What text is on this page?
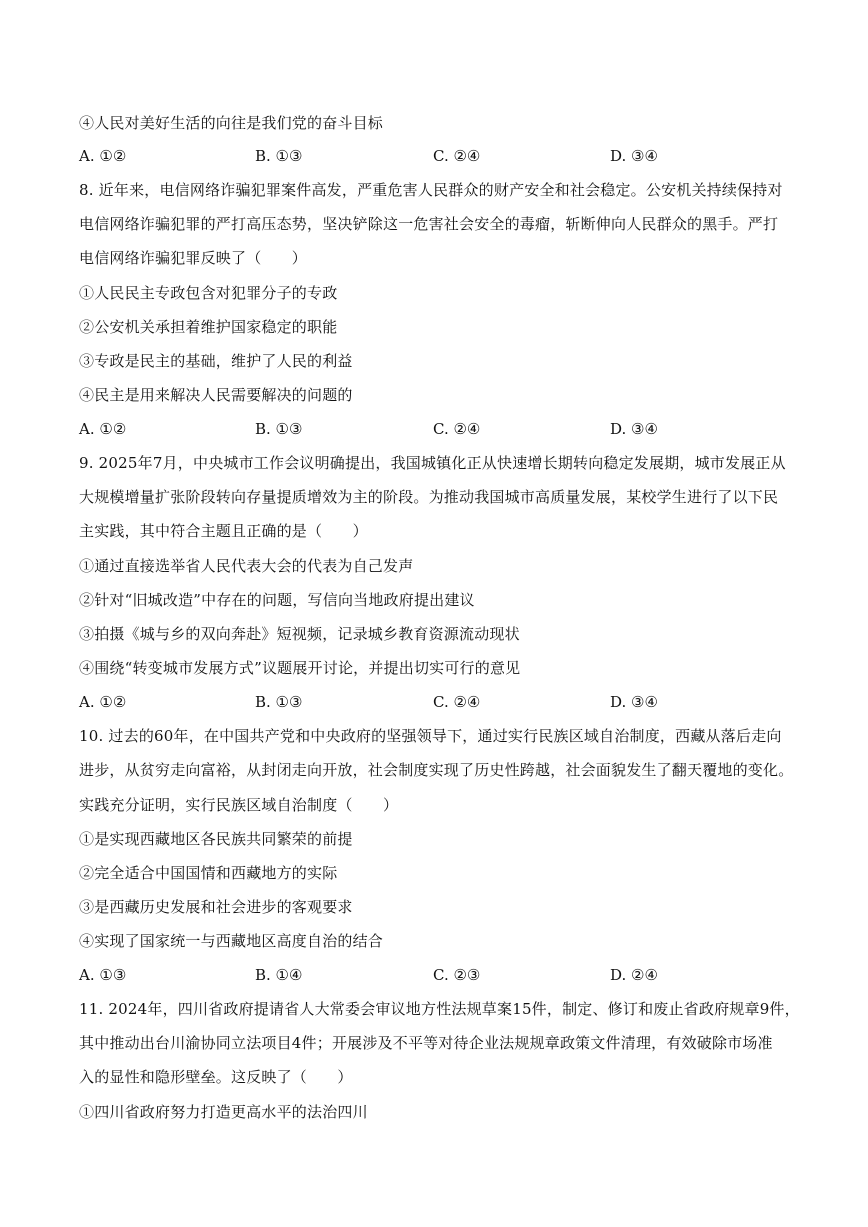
④人民对美好生活的向往是我们党的奋斗目标
A. ①②	B. ①③	C. ②④	D. ③④
8. 近年来，电信网络诈骗犯罪案件高发，严重危害人民群众的财产安全和社会稳定。公安机关持续保持对
电信网络诈骗犯罪的严打高压态势，坚决铲除这一危害社会安全的毒瘤，斩断伸向人民群众的黑手。严打
电信网络诈骗犯罪反映了（　　）
①人民民主专政包含对犯罪分子的专政
②公安机关承担着维护国家稳定的职能
③专政是民主的基础，维护了人民的利益
④民主是用来解决人民需要解决的问题的
A. ①②	B. ①③	C. ②④	D. ③④
9. 2025年7月，中央城市工作会议明确提出，我国城镇化正从快速增长期转向稳定发展期，城市发展正从
大规模增量扩张阶段转向存量提质增效为主的阶段。为推动我国城市高质量发展，某校学生进行了以下民
主实践，其中符合主题且正确的是（　　）
①通过直接选举省人民代表大会的代表为自己发声
②针对“旧城改造”中存在的问题，写信向当地政府提出建议
③拍摄《城与乡的双向奔赴》短视频，记录城乡教育资源流动现状
④围绕“转变城市发展方式”议题展开讨论，并提出切实可行的意见
A. ①②	B. ①③	C. ②④	D. ③④
10. 过去的60年，在中国共产党和中央政府的坚强领导下，通过实行民族区域自治制度，西藏从落后走向
进步，从贫穷走向富裕，从封闭走向开放，社会制度实现了历史性跨越，社会面貌发生了翻天覆地的变化。
实践充分证明，实行民族区域自治制度（　　）
①是实现西藏地区各民族共同繁荣的前提
②完全适合中国国情和西藏地方的实际
③是西藏历史发展和社会进步的客观要求
④实现了国家统一与西藏地区高度自治的结合
A. ①③	B. ①④	C. ②③	D. ②④
11. 2024年，四川省政府提请省人大常委会审议地方性法规草案15件，制定、修订和废止省政府规章9件，
其中推动出台川渝协同立法项目4件；开展涉及不平等对待企业法规规章政策文件清理，有效破除市场准
入的显性和隐形壁垒。这反映了（　　）
①四川省政府努力打造更高水平的法治四川
